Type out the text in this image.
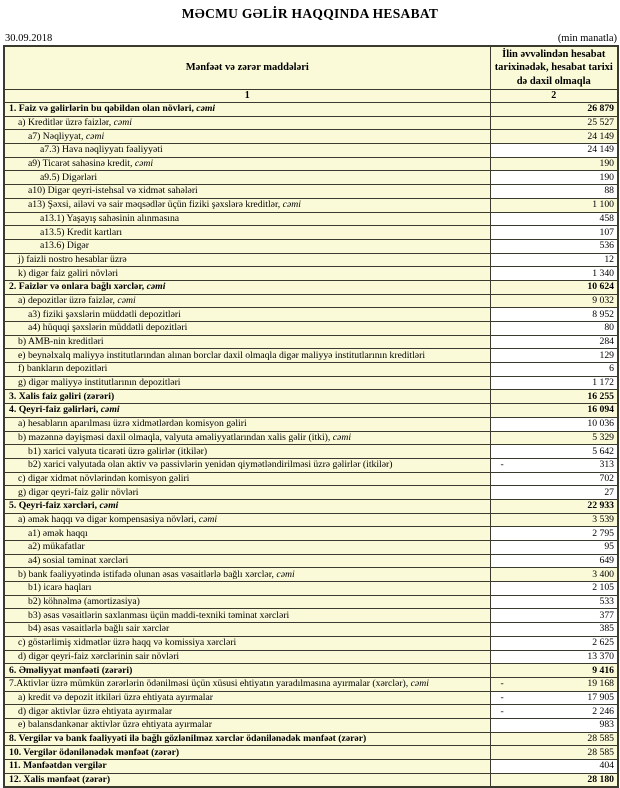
MƏCMU GƏLİR HAQQINDA HESABAT
30.09.2018	(min manatla)
Mənfəət və zərər maddələri	İlin əvvəlindən hesabat tarixinədək, hesabat tarixi də daxil olmaqla
1	2
1. Faiz və gəlirlərin bu qəbildən olan növləri, cəmi	26 879
a) Kreditlər üzrə faizlər, cəmi	25 527
a7) Nəqliyyat, cəmi	24 149
a7.3) Hava nəqliyyatı fəaliyyəti	24 149
a9) Ticarət sahəsinə kredit, cəmi	190
a9.5) Digərləri	190
a10) Digər qeyri-istehsal və xidmət sahələri	88
a13) Şəxsi, ailəvi və sair məqsədlər üçün fiziki şəxslərə kreditlər, cəmi	1 100
a13.1) Yaşayış sahəsinin alınmasına	458
a13.5) Kredit kartları	107
a13.6) Digər	536
j) faizli nostro hesablar üzrə	12
k) digər faiz gəliri növləri	1 340
2. Faizlər və onlara bağlı xərclər, cəmi	10 624
a) depozitlər üzrə faizlər, cəmi	9 032
a3) fiziki şəxslərin müddətli depozitləri	8 952
a4) hüquqi şəxslərin müddətli depozitləri	80
b) AMB-nin kreditləri	284
e) beynəlxalq maliyyə institutlarından alınan borclar daxil olmaqla digər maliyyə institutlarının kreditləri	129
f) bankların depozitləri	6
g) digər maliyyə institutlarının depozitləri	1 172
3. Xalis faiz gəliri (zərəri)	16 255
4. Qeyri-faiz gəlirləri, cəmi	16 094
a) hesabların aparılması üzrə xidmətlərdən komisyon gəliri	10 036
b) məzənnə dəyişməsi daxil olmaqla, valyuta əməliyyatlarından xalis gəlir (itki), cəmi	5 329
b1) xarici valyuta ticarəti üzrə gəlirlər (itkilər)	5 642
b2) xarici valyutada olan aktiv və passivlərin yenidən qiymətləndirilməsi üzrə gəlirlər (itkilər)	- 313
c) digər xidmət növlərindən komisyon gəliri	702
g) digər qeyri-faiz gəlir növləri	27
5. Qeyri-faiz xərcləri, cəmi	22 933
a) əmək haqqı və digər kompensasiya növləri, cəmi	3 539
a1) əmək haqqı	2 795
a2) mükafatlar	95
a4) sosial təminat xərcləri	649
b) bank fəaliyyətində istifadə olunan əsas vəsaitlərlə bağlı xərclər, cəmi	3 400
b1) icarə haqları	2 105
b2) köhnəlmə (amortizasiya)	533
b3) əsas vəsaitlərin saxlanması üçün maddi-texniki təminat xərcləri	377
b4) əsas vəsaitlərlə bağlı sair xərclər	385
c) göstərlimiş xidmətlər üzrə haqq və komissiya xərcləri	2 625
d) digər qeyri-faiz xərclərinin sair növləri	13 370
6. Əməliyyat mənfəəti (zərəri)	9 416
7.Aktivlər üzrə mümkün zərərlərin ödənilməsi üçün xüsusi ehtiyatın yaradılmasına ayırmalar (xərclər), cəmi	- 19 168
a) kredit və depozit itkiləri üzrə ehtiyata ayırmalar	- 17 905
d) digər aktivlər üzrə ehtiyata ayırmalar	- 2 246
e) balansdankənar aktivlər üzrə ehtiyata ayırmalar	983
8. Vergilər və bank fəaliyyəti ilə bağlı gözlənilməz xərclər ödənilənədək mənfəət (zərər)	28 585
10. Vergilər ödənilənədək mənfəət (zərər)	28 585
11. Mənfəətdən vergilər	404
12. Xalis mənfəət (zərər)	28 180
